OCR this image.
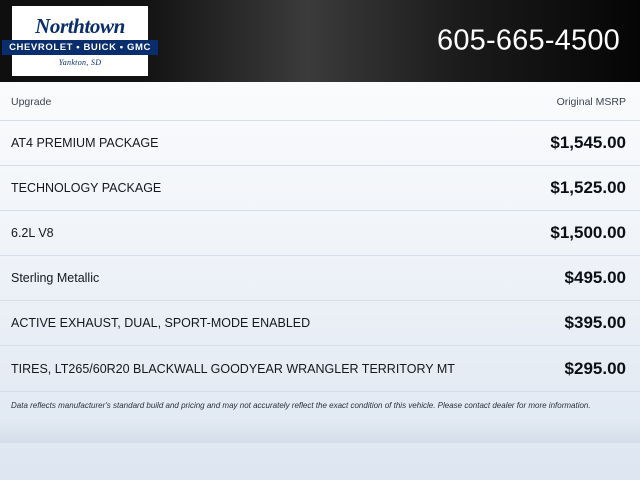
Northtown
CHEVROLET • BUICK • GMC
Yankton, SD
605-665-4500
Upgrade	Original MSRP
AT4 PREMIUM PACKAGE	$1,545.00
TECHNOLOGY PACKAGE	$1,525.00
6.2L V8	$1,500.00
Sterling Metallic	$495.00
ACTIVE EXHAUST, DUAL, SPORT-MODE ENABLED	$395.00
TIRES, LT265/60R20 BLACKWALL GOODYEAR WRANGLER TERRITORY MT	$295.00
Data reflects manufacturer's standard build and pricing and may not accurately reflect the exact condition of this vehicle. Please contact dealer for more information.
